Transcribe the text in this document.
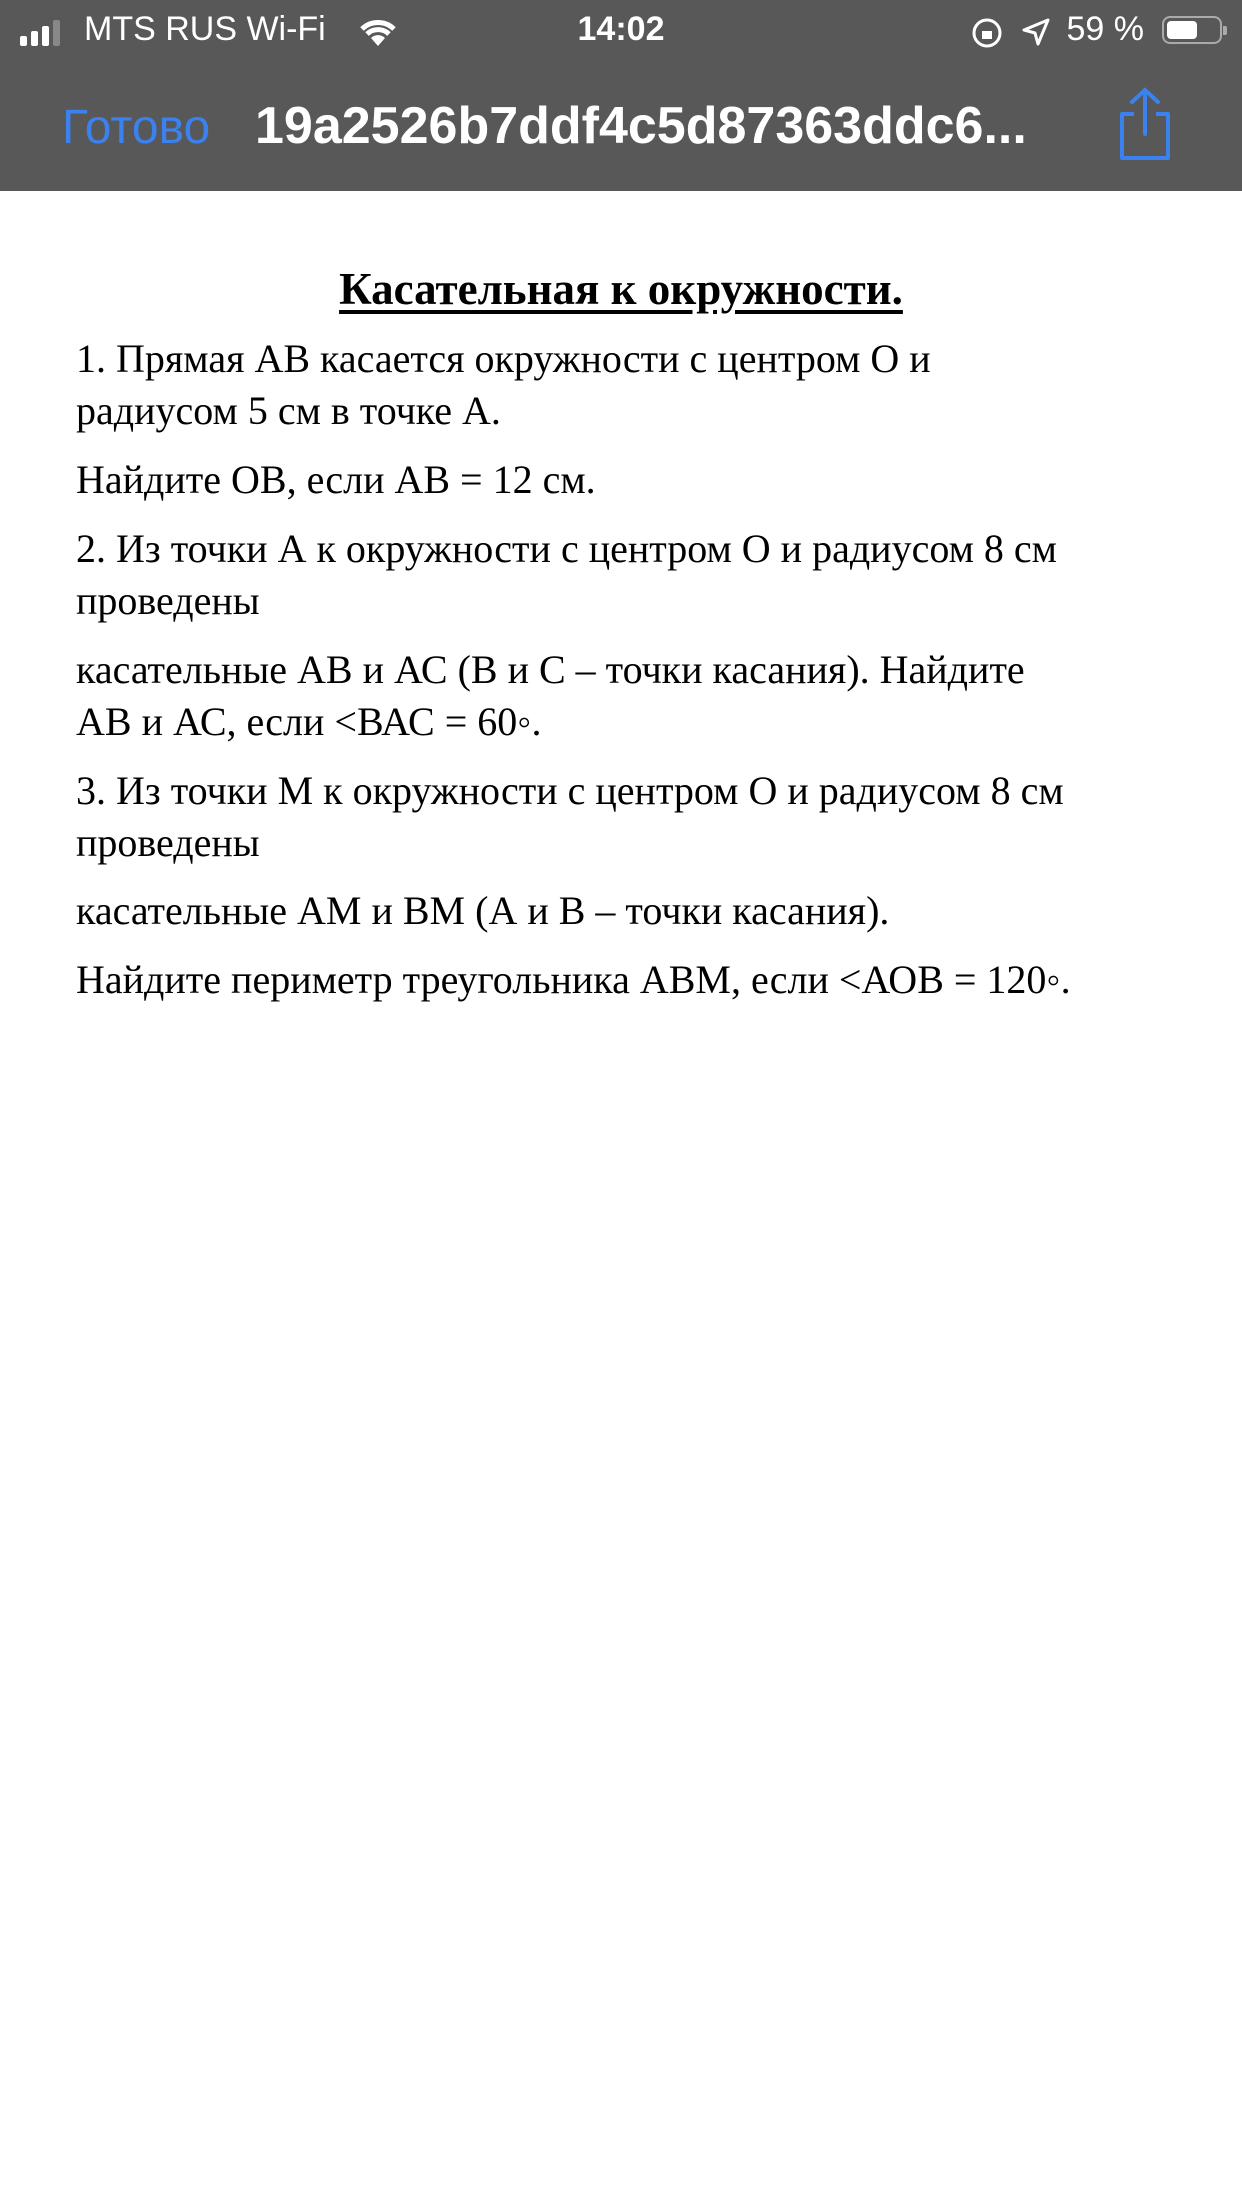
MTS RUS Wi-Fi	14:02	59 %
Готово 19a2526b7ddf4c5d87363ddc6...
Касательная к окружности.
1. Прямая АВ касается окружности с центром О и
радиусом 5 см в точке А.
Найдите ОВ, если АВ = 12 см.
2. Из точки А к окружности с центром О и радиусом 8 см
проведены
касательные АВ и АС (В и С – точки касания). Найдите
АВ и АС, если <ВАС = 60◦.
3. Из точки М к окружности с центром О и радиусом 8 см
проведены
касательные АМ и ВМ (А и В – точки касания).
Найдите периметр треугольника АВМ, если <АОВ = 120◦.
